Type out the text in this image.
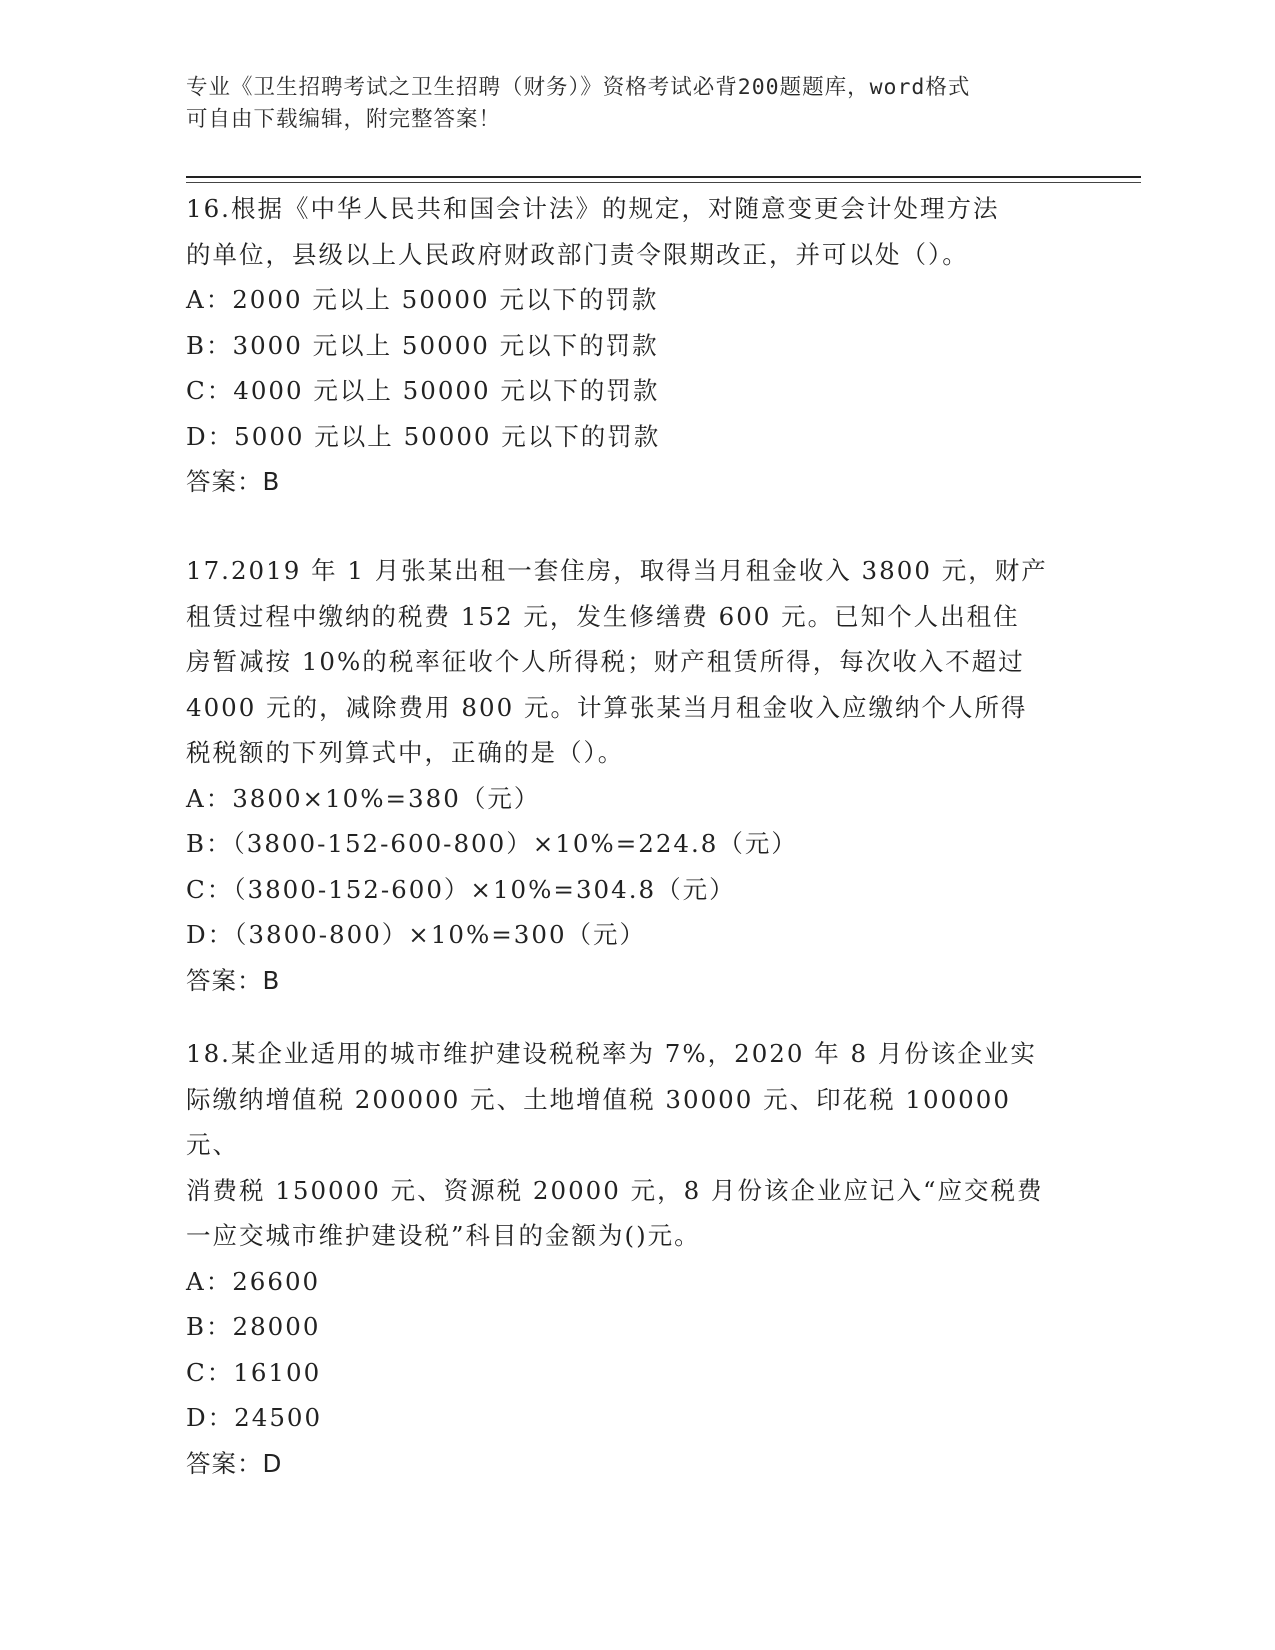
专业《卫生招聘考试之卫生招聘（财务）》资格考试必背200题题库，word格式
可自由下载编辑，附完整答案！
16.根据《中华人民共和国会计法》的规定，对随意变更会计处理方法
的单位，县级以上人民政府财政部门责令限期改正，并可以处（）。
A：2000 元以上 50000 元以下的罚款
B：3000 元以上 50000 元以下的罚款
C：4000 元以上 50000 元以下的罚款
D：5000 元以上 50000 元以下的罚款
答案：B
17.2019 年 1 月张某出租一套住房，取得当月租金收入 3800 元，财产
租赁过程中缴纳的税费 152 元，发生修缮费 600 元。已知个人出租住
房暂减按 10%的税率征收个人所得税；财产租赁所得，每次收入不超过
4000 元的，减除费用 800 元。计算张某当月租金收入应缴纳个人所得
税税额的下列算式中，正确的是（）。
A：3800×10%=380（元）
B：（3800-152-600-800）×10%=224.8（元）
C：（3800-152-600）×10%=304.8（元）
D：（3800-800）×10%=300（元）
答案：B
18.某企业适用的城市维护建设税税率为 7%，2020 年 8 月份该企业实
际缴纳增值税 200000 元、土地增值税 30000 元、印花税 100000 元、
消费税 150000 元、资源税 20000 元，8 月份该企业应记入“应交税费
一应交城市维护建设税”科目的金额为()元。
A：26600
B：28000
C：16100
D：24500
答案：D
